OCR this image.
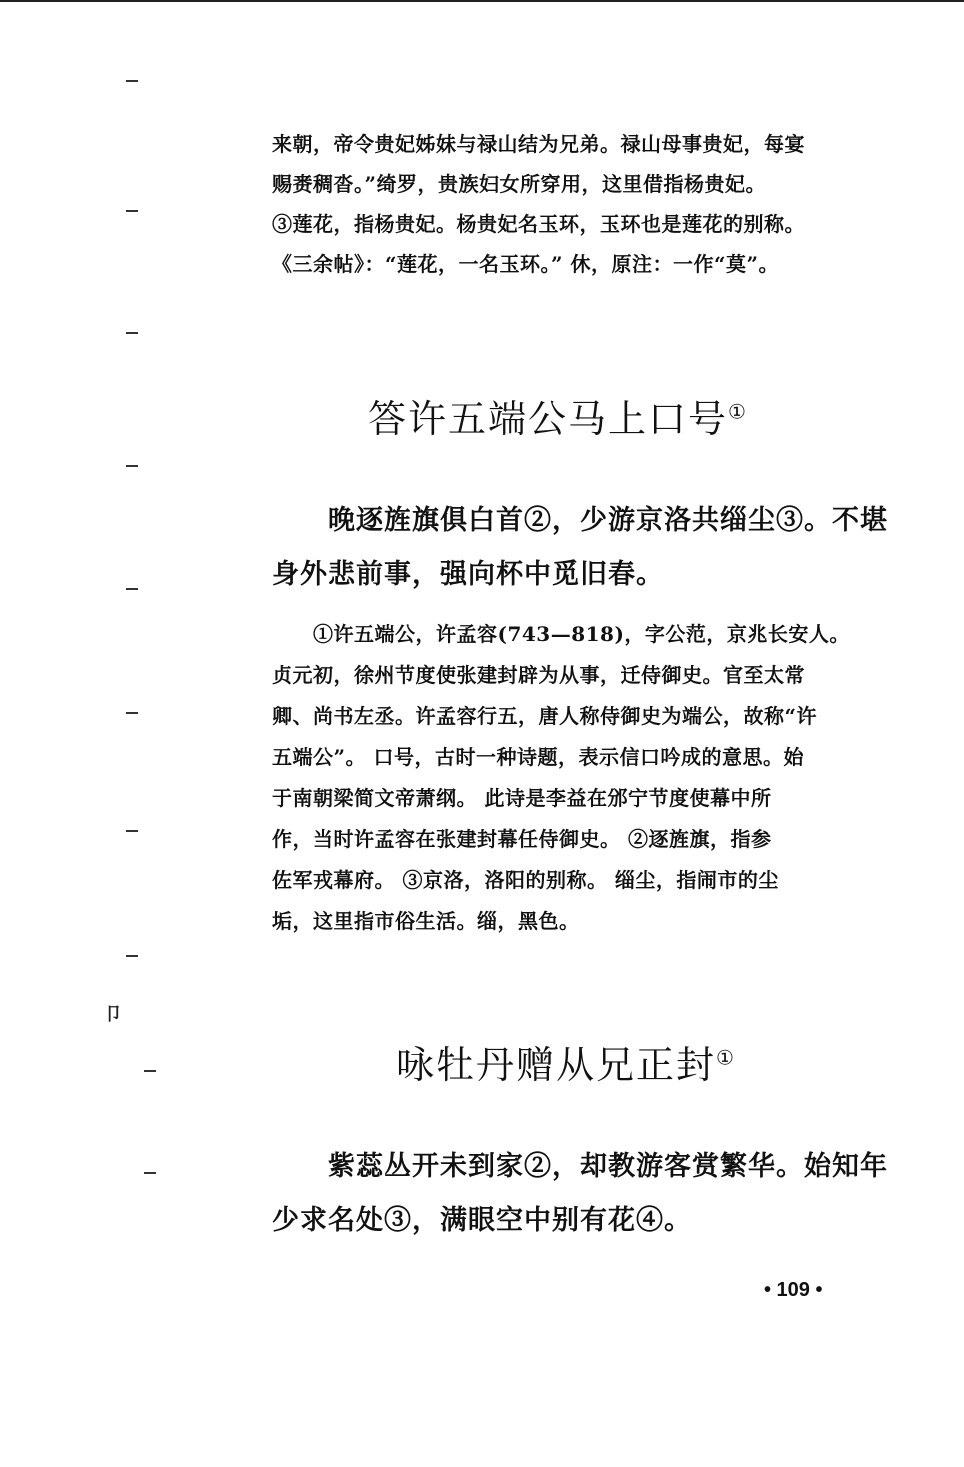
卩
来朝，帝令贵妃姊妹与禄山结为兄弟。禄山母事贵妃，每宴
赐赉稠沓。”绮罗，贵族妇女所穿用，这里借指杨贵妃。
③莲花，指杨贵妃。杨贵妃名玉环，玉环也是莲花的别称。
《三余帖》：“莲花，一名玉环。” 休，原注：一作“莫”。
答许五端公马上口号①
　　晚逐旌旗俱白首②，少游京洛共缁尘③。不堪
身外悲前事，强向杯中觅旧春。
　　①许五端公，许孟容(743—818)，字公范，京兆长安人。
贞元初，徐州节度使张建封辟为从事，迁侍御史。官至太常
卿、尚书左丞。许孟容行五，唐人称侍御史为端公，故称“许
五端公”。 口号，古时一种诗题，表示信口吟成的意思。始
于南朝梁简文帝萧纲。 此诗是李益在邠宁节度使幕中所
作，当时许孟容在张建封幕任侍御史。 ②逐旌旗，指参
佐军戎幕府。 ③京洛，洛阳的别称。 缁尘，指闹市的尘
垢，这里指市俗生活。缁，黑色。
咏牡丹赠从兄正封①
　　紫蕊丛开未到家②，却教游客赏繁华。始知年
少求名处③，满眼空中别有花④。
• 109 •
